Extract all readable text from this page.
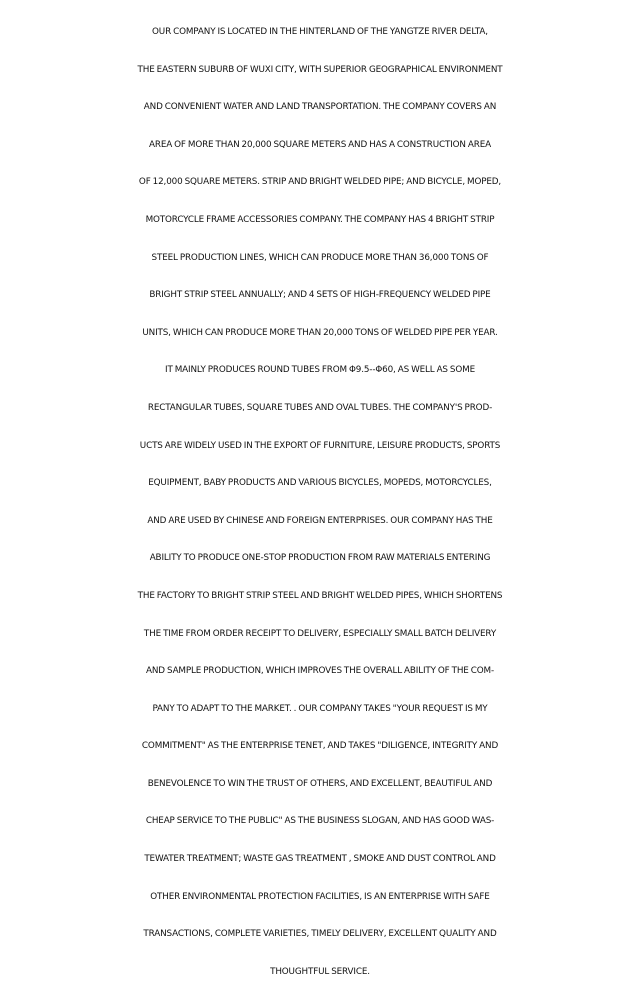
OUR COMPANY IS LOCATED IN THE HINTERLAND OF THE YANGTZE RIVER DELTA,
THE EASTERN SUBURB OF WUXI CITY, WITH SUPERIOR GEOGRAPHICAL ENVIRONMENT
AND CONVENIENT WATER AND LAND TRANSPORTATION. THE COMPANY COVERS AN
AREA OF MORE THAN 20,000 SQUARE METERS AND HAS A CONSTRUCTION AREA
OF 12,000 SQUARE METERS. STRIP AND BRIGHT WELDED PIPE; AND BICYCLE, MOPED,
MOTORCYCLE FRAME ACCESSORIES COMPANY. THE COMPANY HAS 4 BRIGHT STRIP
STEEL PRODUCTION LINES, WHICH CAN PRODUCE MORE THAN 36,000 TONS OF
BRIGHT STRIP STEEL ANNUALLY; AND 4 SETS OF HIGH-FREQUENCY WELDED PIPE
UNITS, WHICH CAN PRODUCE MORE THAN 20,000 TONS OF WELDED PIPE PER YEAR.
IT MAINLY PRODUCES ROUND TUBES FROM Φ9.5--Φ60, AS WELL AS SOME
RECTANGULAR TUBES, SQUARE TUBES AND OVAL TUBES. THE COMPANY'S PROD-
UCTS ARE WIDELY USED IN THE EXPORT OF FURNITURE, LEISURE PRODUCTS, SPORTS
EQUIPMENT, BABY PRODUCTS AND VARIOUS BICYCLES, MOPEDS, MOTORCYCLES,
AND ARE USED BY CHINESE AND FOREIGN ENTERPRISES. OUR COMPANY HAS THE
ABILITY TO PRODUCE ONE-STOP PRODUCTION FROM RAW MATERIALS ENTERING
THE FACTORY TO BRIGHT STRIP STEEL AND BRIGHT WELDED PIPES, WHICH SHORTENS
THE TIME FROM ORDER RECEIPT TO DELIVERY, ESPECIALLY SMALL BATCH DELIVERY
AND SAMPLE PRODUCTION, WHICH IMPROVES THE OVERALL ABILITY OF THE COM-
PANY TO ADAPT TO THE MARKET. . OUR COMPANY TAKES "YOUR REQUEST IS MY
COMMITMENT" AS THE ENTERPRISE TENET, AND TAKES "DILIGENCE, INTEGRITY AND
BENEVOLENCE TO WIN THE TRUST OF OTHERS, AND EXCELLENT, BEAUTIFUL AND
CHEAP SERVICE TO THE PUBLIC" AS THE BUSINESS SLOGAN, AND HAS GOOD WAS-
TEWATER TREATMENT; WASTE GAS TREATMENT , SMOKE AND DUST CONTROL AND
OTHER ENVIRONMENTAL PROTECTION FACILITIES, IS AN ENTERPRISE WITH SAFE
TRANSACTIONS, COMPLETE VARIETIES, TIMELY DELIVERY, EXCELLENT QUALITY AND
THOUGHTFUL SERVICE.
